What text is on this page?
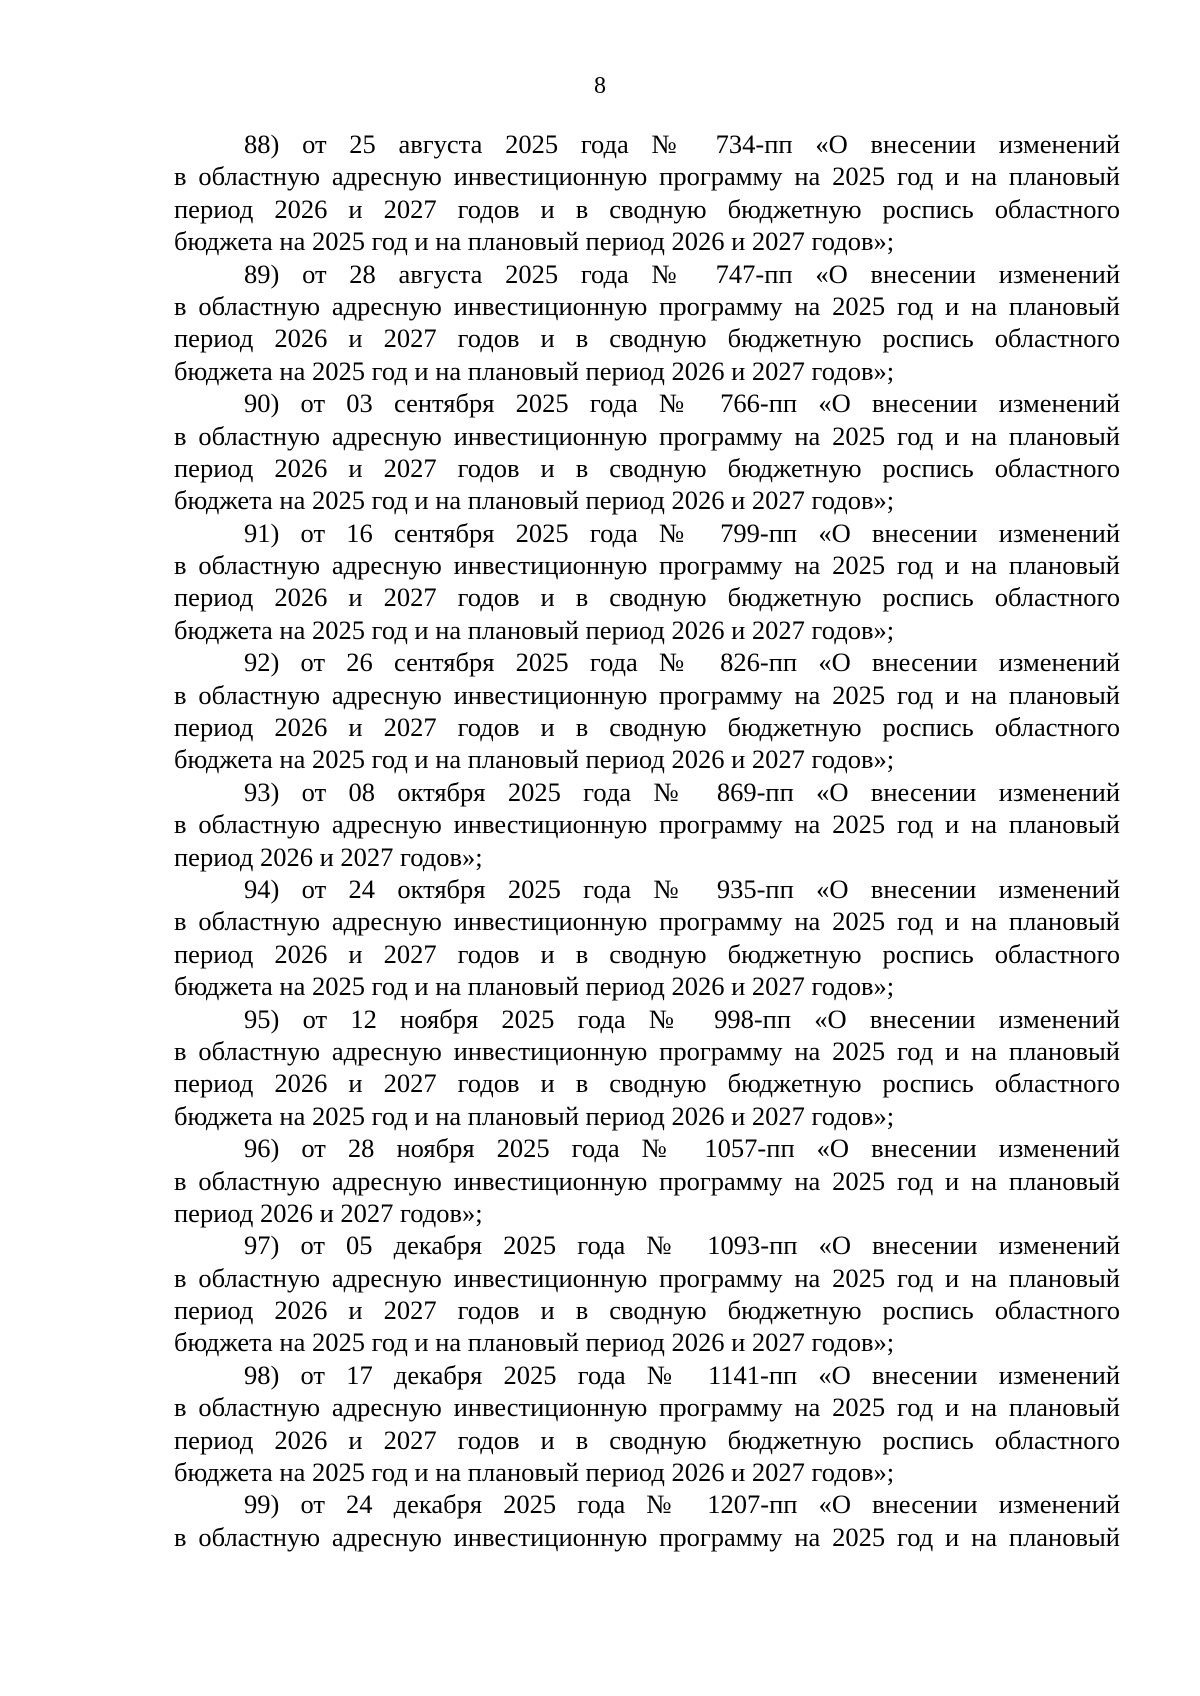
8
88) от 25 августа 2025 года № 734-пп «О внесении изменений
в областную адресную инвестиционную программу на 2025 год и на плановый
период 2026 и 2027 годов и в сводную бюджетную роспись областного
бюджета на 2025 год и на плановый период 2026 и 2027 годов»;
89) от 28 августа 2025 года № 747-пп «О внесении изменений
в областную адресную инвестиционную программу на 2025 год и на плановый
период 2026 и 2027 годов и в сводную бюджетную роспись областного
бюджета на 2025 год и на плановый период 2026 и 2027 годов»;
90) от 03 сентября 2025 года № 766-пп «О внесении изменений
в областную адресную инвестиционную программу на 2025 год и на плановый
период 2026 и 2027 годов и в сводную бюджетную роспись областного
бюджета на 2025 год и на плановый период 2026 и 2027 годов»;
91) от 16 сентября 2025 года № 799-пп «О внесении изменений
в областную адресную инвестиционную программу на 2025 год и на плановый
период 2026 и 2027 годов и в сводную бюджетную роспись областного
бюджета на 2025 год и на плановый период 2026 и 2027 годов»;
92) от 26 сентября 2025 года № 826-пп «О внесении изменений
в областную адресную инвестиционную программу на 2025 год и на плановый
период 2026 и 2027 годов и в сводную бюджетную роспись областного
бюджета на 2025 год и на плановый период 2026 и 2027 годов»;
93) от 08 октября 2025 года № 869-пп «О внесении изменений
в областную адресную инвестиционную программу на 2025 год и на плановый
период 2026 и 2027 годов»;
94) от 24 октября 2025 года № 935-пп «О внесении изменений
в областную адресную инвестиционную программу на 2025 год и на плановый
период 2026 и 2027 годов и в сводную бюджетную роспись областного
бюджета на 2025 год и на плановый период 2026 и 2027 годов»;
95) от 12 ноября 2025 года № 998-пп «О внесении изменений
в областную адресную инвестиционную программу на 2025 год и на плановый
период 2026 и 2027 годов и в сводную бюджетную роспись областного
бюджета на 2025 год и на плановый период 2026 и 2027 годов»;
96) от 28 ноября 2025 года № 1057-пп «О внесении изменений
в областную адресную инвестиционную программу на 2025 год и на плановый
период 2026 и 2027 годов»;
97) от 05 декабря 2025 года № 1093-пп «О внесении изменений
в областную адресную инвестиционную программу на 2025 год и на плановый
период 2026 и 2027 годов и в сводную бюджетную роспись областного
бюджета на 2025 год и на плановый период 2026 и 2027 годов»;
98) от 17 декабря 2025 года № 1141-пп «О внесении изменений
в областную адресную инвестиционную программу на 2025 год и на плановый
период 2026 и 2027 годов и в сводную бюджетную роспись областного
бюджета на 2025 год и на плановый период 2026 и 2027 годов»;
99) от 24 декабря 2025 года № 1207-пп «О внесении изменений
в областную адресную инвестиционную программу на 2025 год и на плановый
